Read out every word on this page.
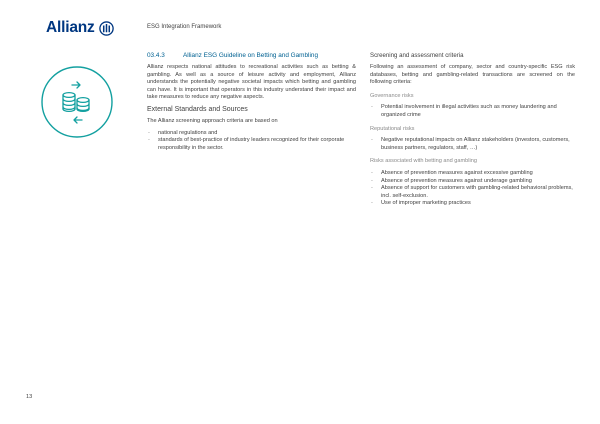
Allianz	ESG Integration Framework
03.4.3	Allianz ESG Guideline on Betting and Gambling

Allianz respects national attitudes to recreational activities such as betting & gambling. As well as a source of leisure activity and employment, Allianz understands the potentially negative societal impacts which betting and gambling can have. It is important that operators in this industry understand their impact and take measures to reduce any negative aspects.

External Standards and Sources
The Allianz screening approach criteria are based on
- national regulations and
- standards of best-practice of industry leaders recognized for their corporate responsibility in the sector.
Screening and assessment criteria

Following an assessment of company, sector and country-specific ESG risk databases, betting and gambling-related transactions are screened on the following criteria:

Governance risks
- Potential involvement in illegal activities such as money laundering and organized crime
Reputational risks
- Negative reputational impacts on Allianz stakeholders (investors, customers, business partners, regulators, staff, …)
Risks associated with betting and gambling
- Absence of prevention measures against excessive gambling
- Absence of prevention measures against underage gambling
- Absence of support for customers with gambling-related behavioral problems, incl. self-exclusion.
- Use of improper marketing practices
13
